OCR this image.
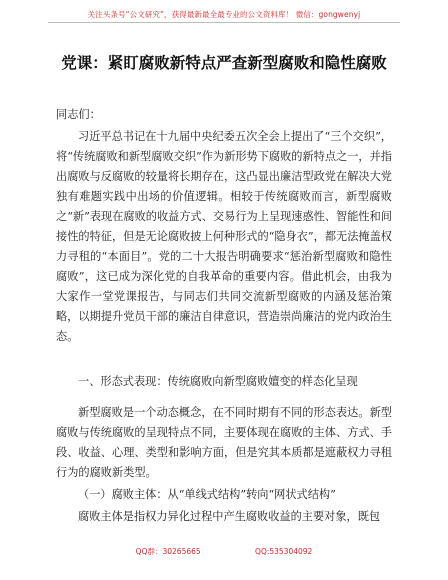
关注头条号“公文研究”，获得最新最全最专业的公文资料库！ 微信：gongwenyj
党课：紧盯腐败新特点严查新型腐败和隐性腐败
同志们：

习近平总书记在十九届中央纪委五次全会上提出了“三个交织”，将“传统腐败和新型腐败交织”作为新形势下腐败的新特点之一，并指出腐败与反腐败的较量将长期存在，这凸显出廉洁型政党在解决大党独有难题实践中出场的价值逻辑。相较于传统腐败而言，新型腐败之“新”表现在腐败的收益方式、交易行为上呈现速惑性、智能性和间接性的特征，但是无论腐败披上何种形式的“隐身衣”，都无法掩盖权力寻租的“本面目”。党的二十大报告明确要求“惩治新型腐败和隐性腐败”，这已成为深化党的自我革命的重要内容。借此机会，由我为大家作一堂党课报告，与同志们共同交流新型腐败的内涵及惩治策略，以期提升党员干部的廉洁自律意识，营造崇尚廉洁的党内政治生态。

一、形态式表现：传统腐败向新型腐败嬗变的样态化呈现

新型腐败是一个动态概念，在不同时期有不同的形态表达。新型腐败与传统腐败的呈现特点不同，主要体现在腐败的主体、方式、手段、收益、心理、类型和影响方面，但是究其本质都是遮蔽权力寻租行为的腐败新类型。

（一）腐败主体：从“单线式结构”转向“网状式结构”

腐败主体是指权力异化过程中产生腐败收益的主要对象，既包

QQ群：30265665	QQ:535304092
